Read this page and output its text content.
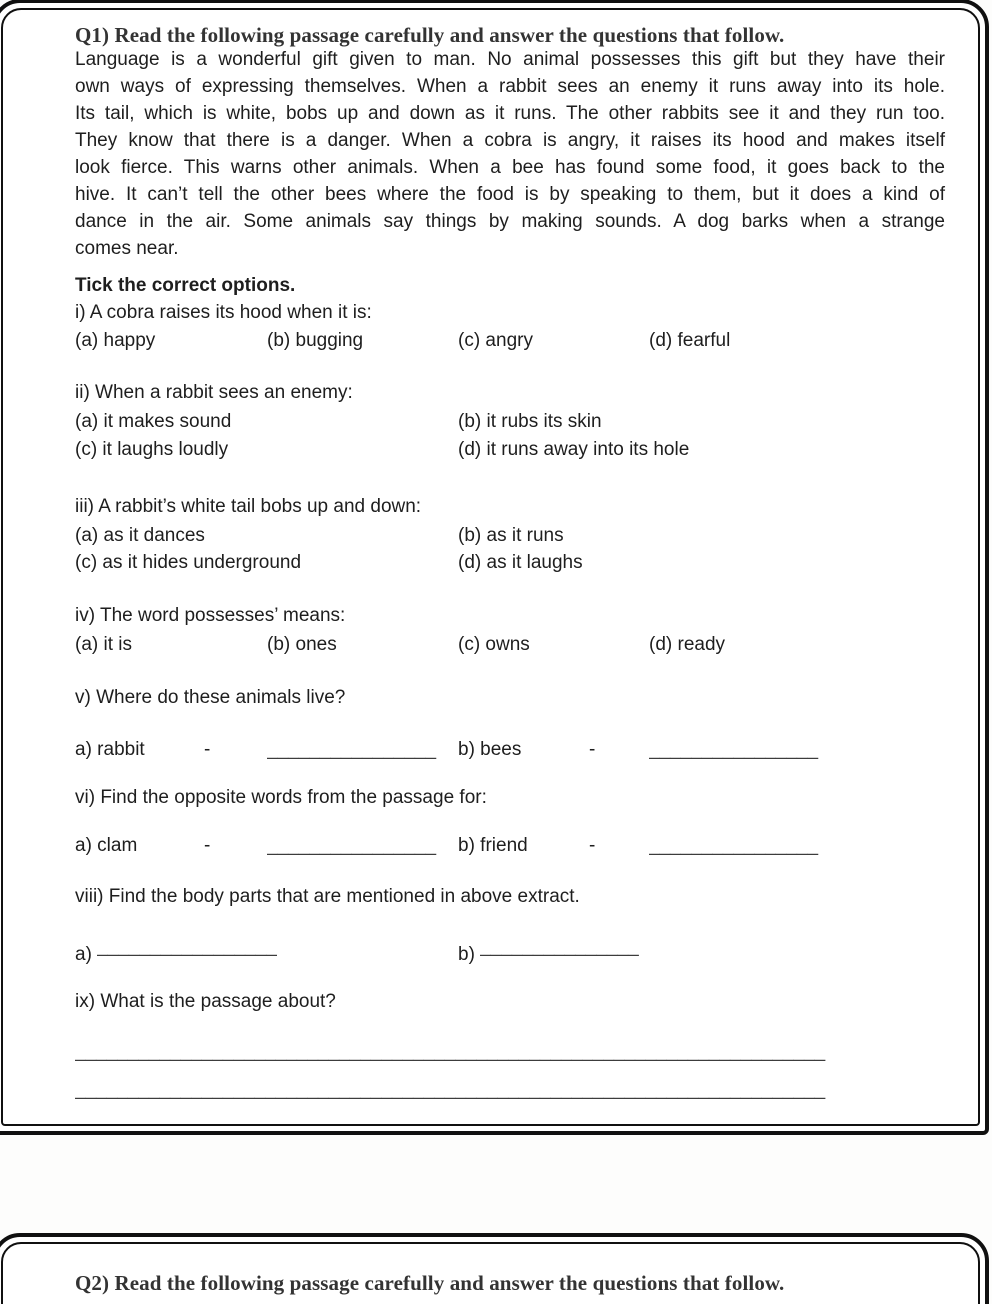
Q1) Read the following passage carefully and answer the questions that follow.
Language is a wonderful gift given to man. No animal possesses this gift but they have their
own ways of expressing themselves. When a rabbit sees an enemy it runs away into its hole.
Its tail, which is white, bobs up and down as it runs. The other rabbits see it and they run too.
They know that there is a danger. When a cobra is angry, it raises its hood and makes itself
look fierce. This warns other animals. When a bee has found some food, it goes back to the
hive. It can’t tell the other bees where the food is by speaking to them, but it does a kind of
dance in the air. Some animals say things by making sounds. A dog barks when a strange
comes near.
Tick the correct options.
i) A cobra raises its hood when it is:
(a) happy	(b) bugging	(c) angry	(d) fearful
ii) When a rabbit sees an enemy:
(a) it makes sound	(b) it rubs its skin
(c) it laughs loudly	(d) it runs away into its hole
iii) A rabbit’s white tail bobs up and down:
(a) as it dances	(b) as it runs
(c) as it hides underground	(d) as it laughs
iv) The word possesses’ means:
(a) it is	(b) ones	(c) owns	(d) ready
v) Where do these animals live?
a) rabbit	-	________________	b) bees	-	________________
vi) Find the opposite words from the passage for:
a) clam	-	________________	b) friend	-	________________
viii) Find the body parts that are mentioned in above extract.
a) _________________	b) _______________
ix) What is the passage about?
_______________________________________________________________________
_______________________________________________________________________
Q2) Read the following passage carefully and answer the questions that follow.
